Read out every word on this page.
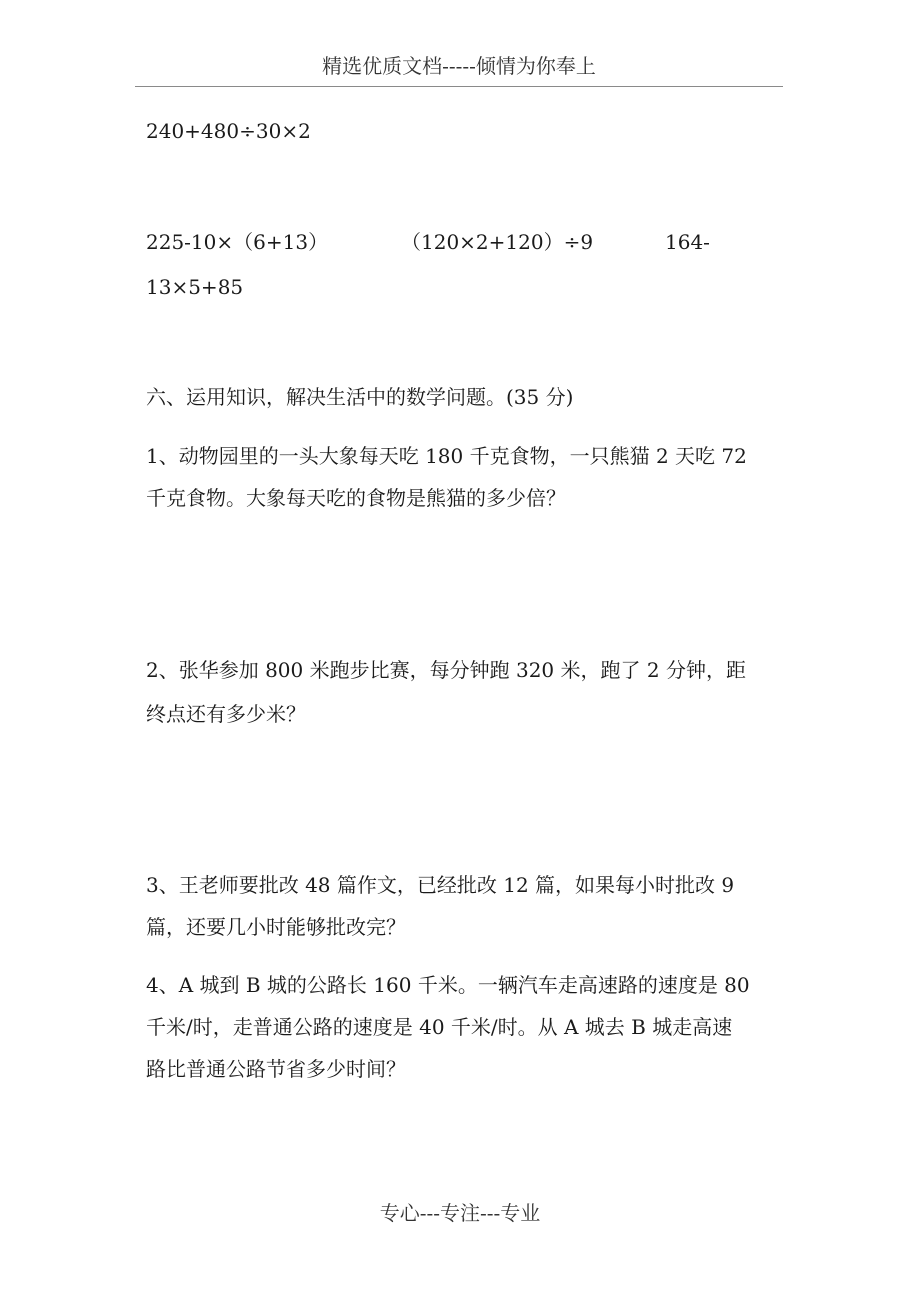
精选优质文档-----倾情为你奉上
240+480÷30×2
225-10×（6+13）	（120×2+120）÷9	164-
13×5+85
六、运用知识，解决生活中的数学问题。(35 分)
1、动物园里的一头大象每天吃 180 千克食物，一只熊猫 2 天吃 72
千克食物。大象每天吃的食物是熊猫的多少倍？
2、张华参加 800 米跑步比赛，每分钟跑 320 米，跑了 2 分钟，距
终点还有多少米？
3、王老师要批改 48 篇作文，已经批改 12 篇，如果每小时批改 9
篇，还要几小时能够批改完？
4、A 城到 B 城的公路长 160 千米。一辆汽车走高速路的速度是 80
千米/时，走普通公路的速度是 40 千米/时。从 A 城去 B 城走高速
路比普通公路节省多少时间？
专心---专注---专业
